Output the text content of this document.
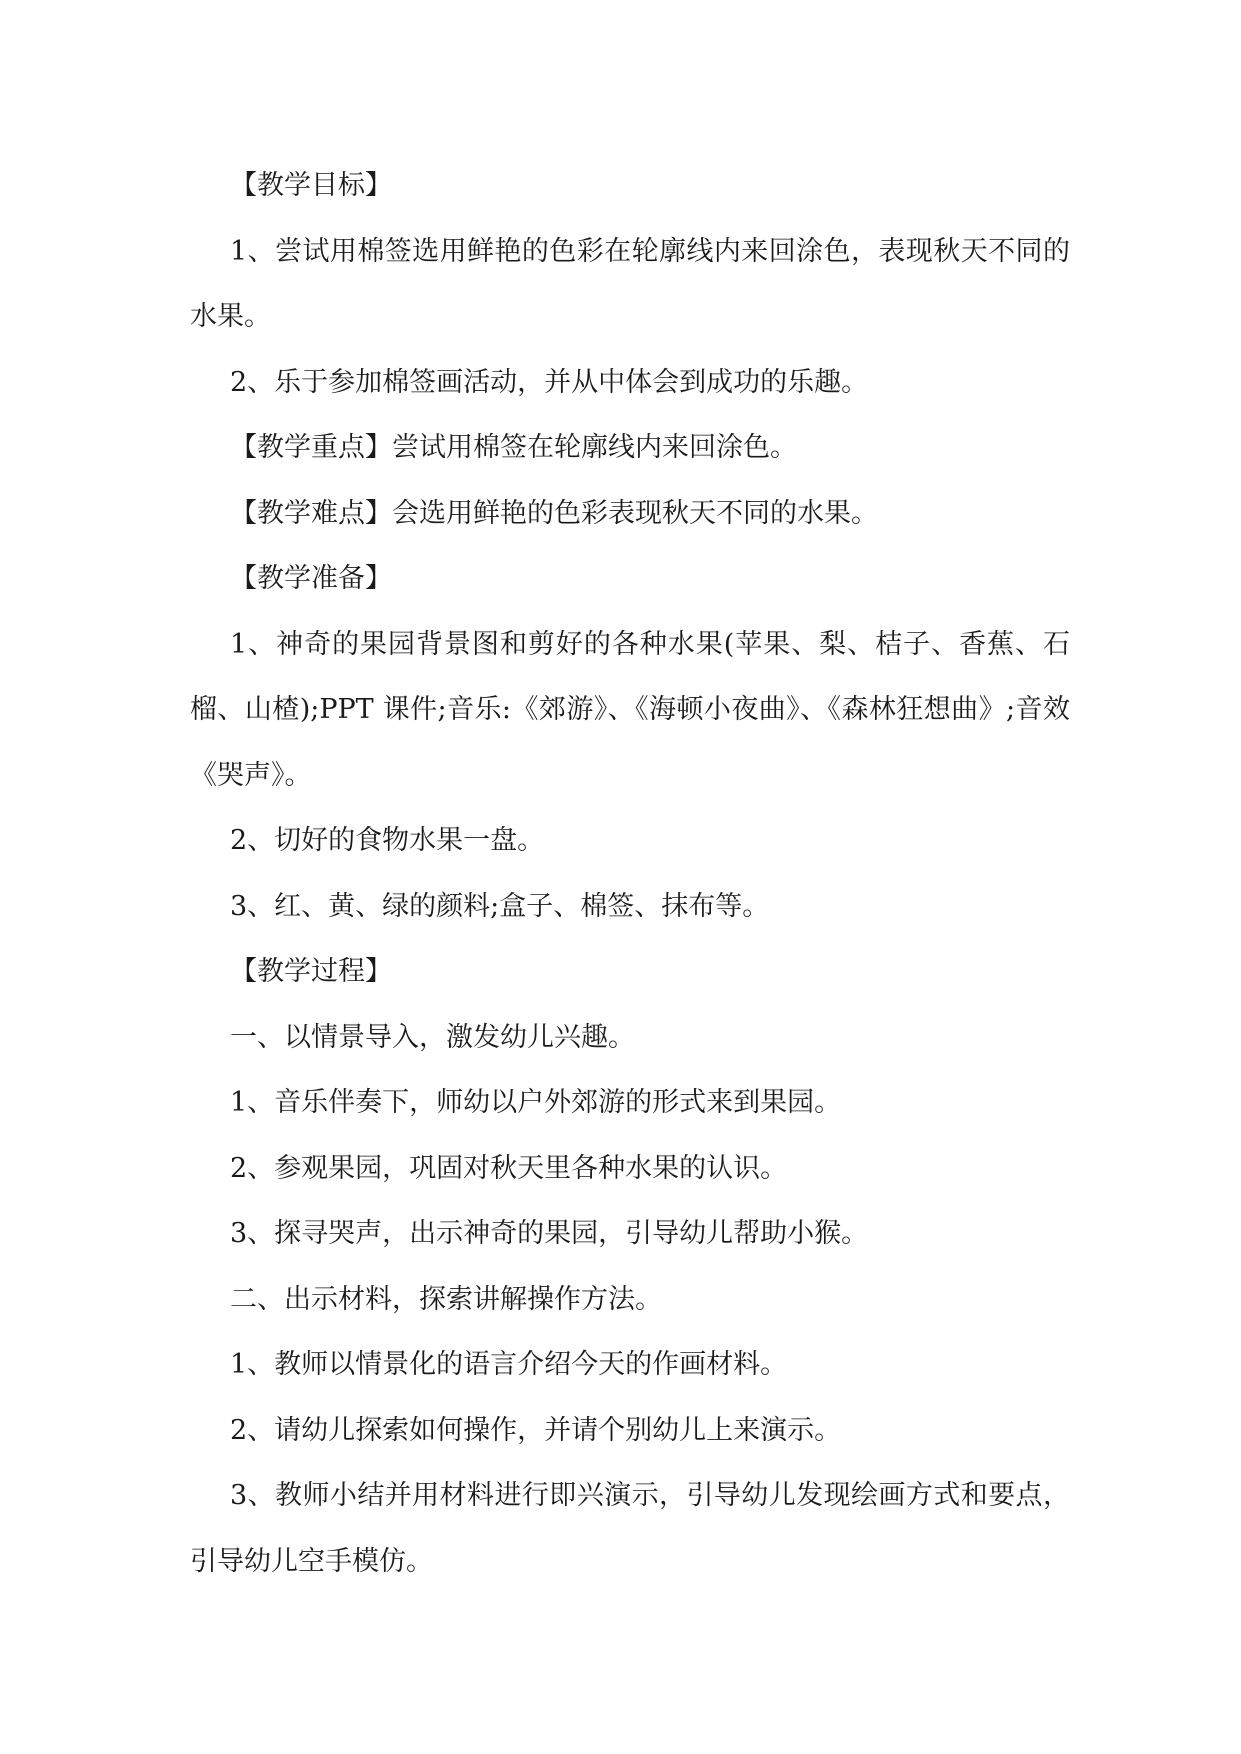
【教学目标】

1、尝试用棉签选用鲜艳的色彩在轮廓线内来回涂色，表现秋天不同的水果。

2、乐于参加棉签画活动，并从中体会到成功的乐趣。

【教学重点】尝试用棉签在轮廓线内来回涂色。

【教学难点】会选用鲜艳的色彩表现秋天不同的水果。

【教学准备】

1、神奇的果园背景图和剪好的各种水果(苹果、梨、桔子、香蕉、石榴、山楂);PPT 课件;音乐:《郊游》、《海顿小夜曲》、《森林狂想曲》;音效《哭声》。

2、切好的食物水果一盘。

3、红、黄、绿的颜料;盒子、棉签、抹布等。

【教学过程】

一、以情景导入，激发幼儿兴趣。

1、音乐伴奏下，师幼以户外郊游的形式来到果园。

2、参观果园，巩固对秋天里各种水果的认识。

3、探寻哭声，出示神奇的果园，引导幼儿帮助小猴。

二、出示材料，探索讲解操作方法。

1、教师以情景化的语言介绍今天的作画材料。

2、请幼儿探索如何操作，并请个别幼儿上来演示。

3、教师小结并用材料进行即兴演示，引导幼儿发现绘画方式和要点，引导幼儿空手模仿。
